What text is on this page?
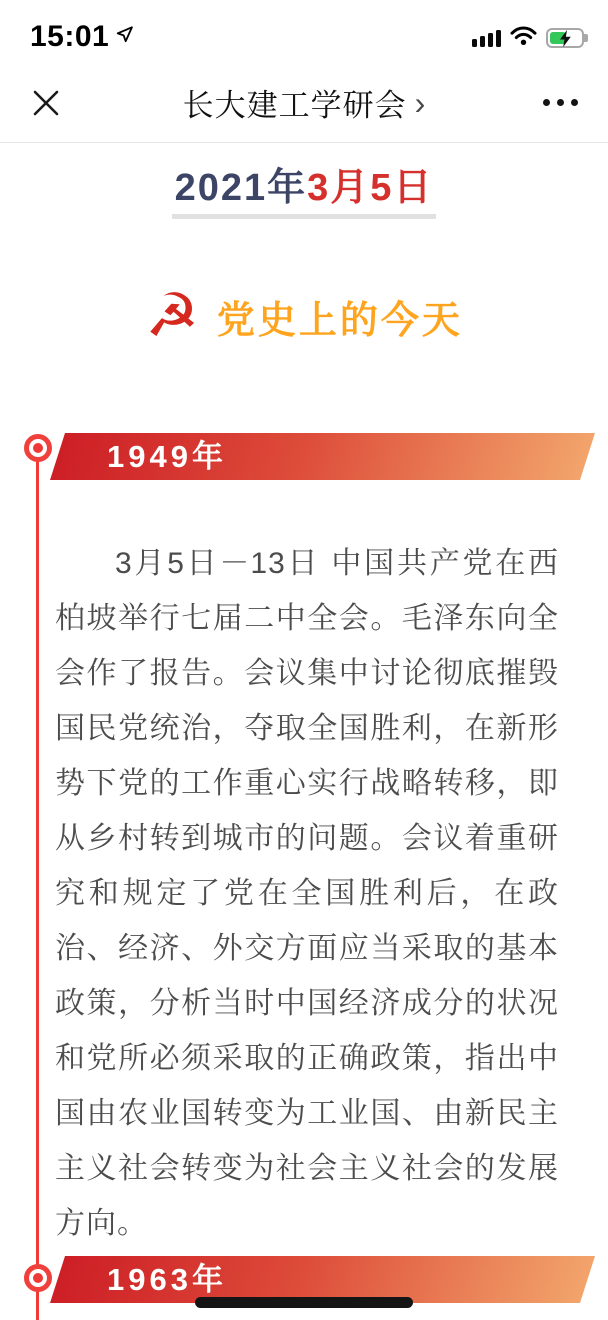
15:01
长大建工学研会 ›
2021年3月5日
☭ 党史上的今天
1949年
3月5日－13日 中国共产党在西柏坡举行七届二中全会。毛泽东向全会作了报告。会议集中讨论彻底摧毁国民党统治，夺取全国胜利，在新形势下党的工作重心实行战略转移，即从乡村转到城市的问题。会议着重研究和规定了党在全国胜利后，在政治、经济、外交方面应当采取的基本政策，分析当时中国经济成分的状况和党所必须采取的正确政策，指出中国由农业国转变为工业国、由新民主主义社会转变为社会主义社会的发展方向。
1963年
